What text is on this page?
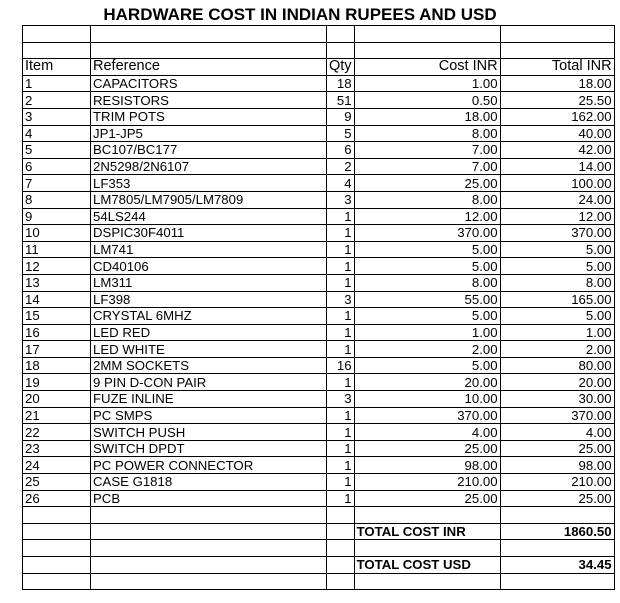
HARDWARE COST IN INDIAN RUPEES AND USD

Item	Reference	Qty	Cost INR	Total INR
1	CAPACITORS	18	1.00	18.00
2	RESISTORS	51	0.50	25.50
3	TRIM POTS	9	18.00	162.00
4	JP1-JP5	5	8.00	40.00
5	BC107/BC177	6	7.00	42.00
6	2N5298/2N6107	2	7.00	14.00
7	LF353	4	25.00	100.00
8	LM7805/LM7905/LM7809	3	8.00	24.00
9	54LS244	1	12.00	12.00
10	DSPIC30F4011	1	370.00	370.00
11	LM741	1	5.00	5.00
12	CD40106	1	5.00	5.00
13	LM311	1	8.00	8.00
14	LF398	3	55.00	165.00
15	CRYSTAL 6MHZ	1	5.00	5.00
16	LED RED	1	1.00	1.00
17	LED WHITE	1	2.00	2.00
18	2MM SOCKETS	16	5.00	80.00
19	9 PIN D-CON PAIR	1	20.00	20.00
20	FUZE INLINE	3	10.00	30.00
21	PC SMPS	1	370.00	370.00
22	SWITCH PUSH	1	4.00	4.00
23	SWITCH DPDT	1	25.00	25.00
24	PC POWER CONNECTOR	1	98.00	98.00
25	CASE G1818	1	210.00	210.00
26	PCB	1	25.00	25.00

			TOTAL COST INR	1860.50

			TOTAL COST USD	34.45
